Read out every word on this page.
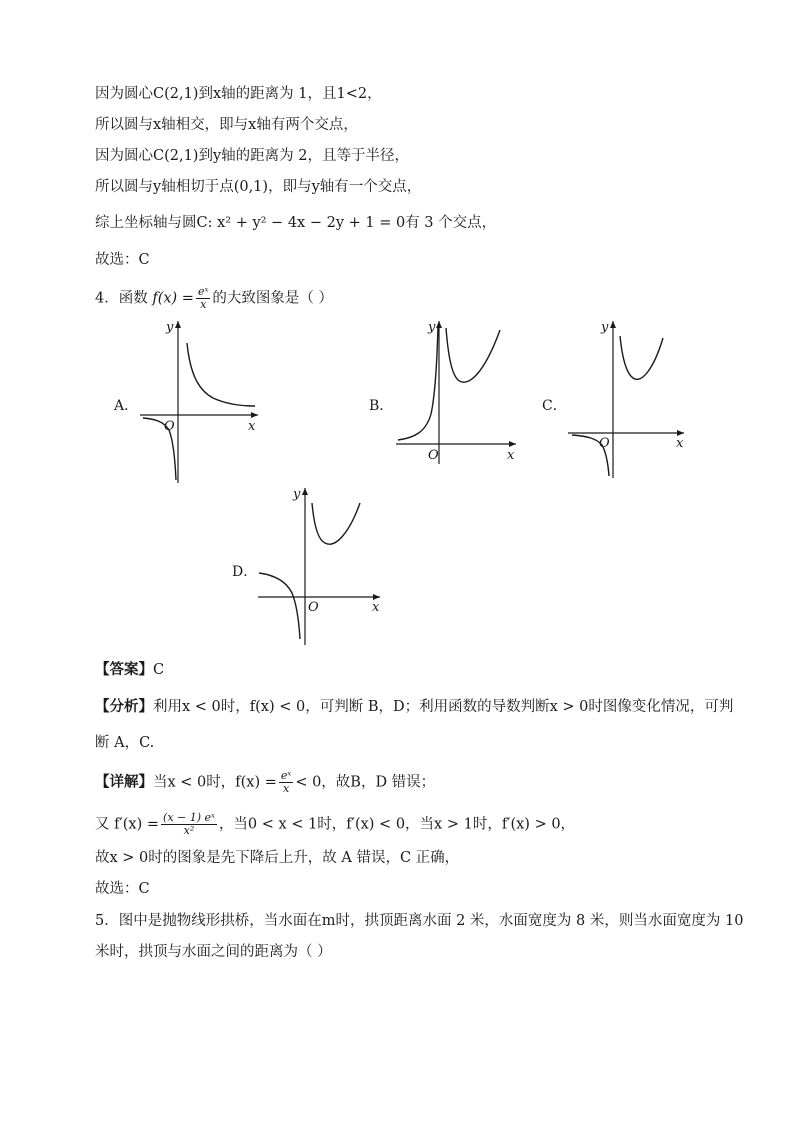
因为圆心C(2,1)到x轴的距离为 1，且1<2，
所以圆与x轴相交，即与x轴有两个交点，
因为圆心C(2,1)到y轴的距离为 2，且等于半径，
所以圆与y轴相切于点(0,1)，即与y轴有一个交点，
综上坐标轴与圆C: x² + y² − 4x − 2y + 1 = 0有 3 个交点，
故选：C
4．函数 $f(x) = \frac{\text{eˣ}}{x}$ 的大致图象是（ ）
A．
y
x
O
B．
y
x
O
C．
y
x
O
D．
y
x
O
【答案】C
【分析】利用x < 0时，f(x) < 0，可判断 B，D；利用函数的导数判断x > 0时图像变化情况，可判
断 A，C.
【详解】当x < 0时，$f(x) = \frac{\text{eˣ}}{x} < 0$，故B，D 错误；
又 $f'(x) = \frac{\text{(x − 1) eˣ}}{\text{x²}}$ ，当0 < x < 1时，f′(x) < 0，当x > 1时，f′(x) > 0，
故x > 0时的图象是先下降后上升，故 A 错误，C 正确，
故选：C
5．图中是抛物线形拱桥，当水面在m时，拱顶距离水面 2 米，水面宽度为 8 米，则当水面宽度为 10
米时，拱顶与水面之间的距离为（ ）
